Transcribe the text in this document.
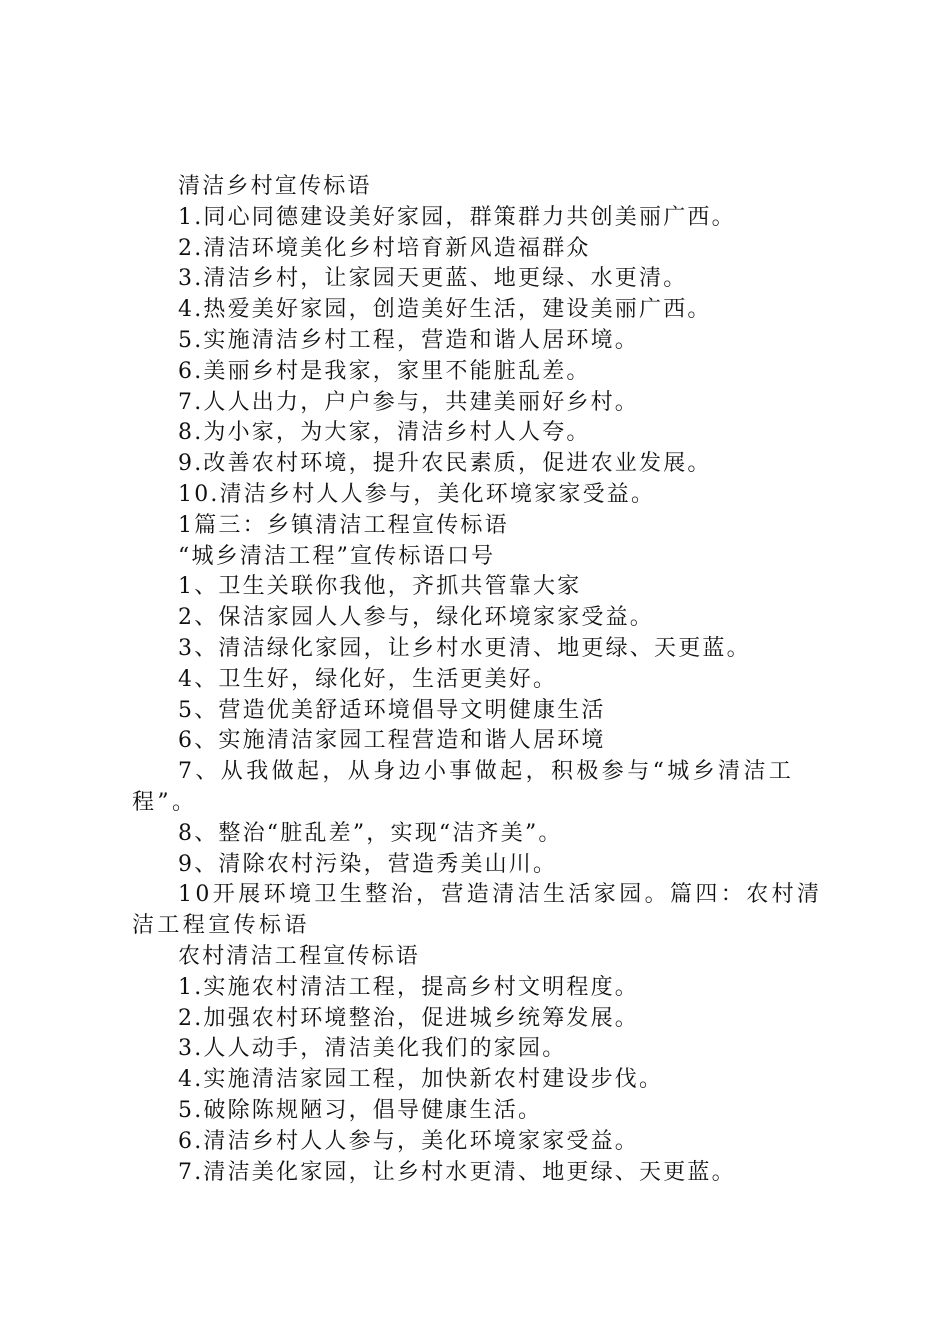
清洁乡村宣传标语

1.同心同德建设美好家园，群策群力共创美丽广西。

2.清洁环境美化乡村培育新风造福群众

3.清洁乡村，让家园天更蓝、地更绿、水更清。

4.热爱美好家园，创造美好生活，建设美丽广西。

5.实施清洁乡村工程，营造和谐人居环境。

6.美丽乡村是我家，家里不能脏乱差。

7.人人出力，户户参与，共建美丽好乡村。

8.为小家，为大家，清洁乡村人人夸。

9.改善农村环境，提升农民素质，促进农业发展。

10.清洁乡村人人参与，美化环境家家受益。

1篇三：乡镇清洁工程宣传标语

“城乡清洁工程”宣传标语口号

1、卫生关联你我他，齐抓共管靠大家

2、保洁家园人人参与，绿化环境家家受益。

3、清洁绿化家园，让乡村水更清、地更绿、天更蓝。

4、卫生好，绿化好，生活更美好。

5、营造优美舒适环境倡导文明健康生活

6、实施清洁家园工程营造和谐人居环境

7、从我做起，从身边小事做起，积极参与“城乡清洁工程”。

8、整治“脏乱差”，实现“洁齐美”。

9、清除农村污染，营造秀美山川。

10开展环境卫生整治，营造清洁生活家园。篇四：农村清洁工程宣传标语

农村清洁工程宣传标语

1.实施农村清洁工程，提高乡村文明程度。

2.加强农村环境整治，促进城乡统筹发展。

3.人人动手，清洁美化我们的家园。

4.实施清洁家园工程，加快新农村建设步伐。

5.破除陈规陋习，倡导健康生活。

6.清洁乡村人人参与，美化环境家家受益。

7.清洁美化家园，让乡村水更清、地更绿、天更蓝。
